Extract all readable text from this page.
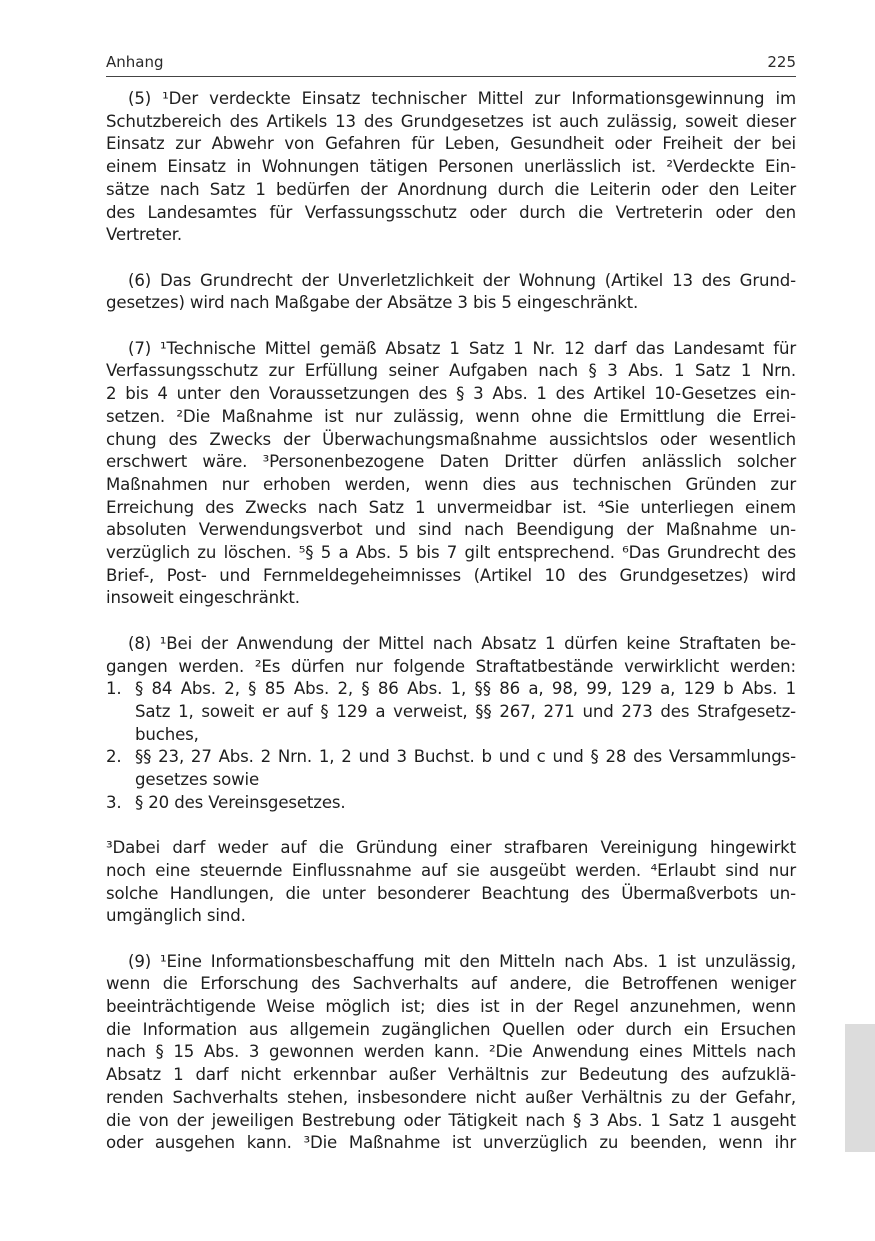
Anhang	225
(5) ¹Der verdeckte Einsatz technischer Mittel zur Informationsgewinnung im
Schutzbereich des Artikels 13 des Grundgesetzes ist auch zulässig, soweit dieser
Einsatz zur Abwehr von Gefahren für Leben, Gesundheit oder Freiheit der bei
einem Einsatz in Wohnungen tätigen Personen unerlässlich ist. ²Verdeckte Ein-
sätze nach Satz 1 bedürfen der Anordnung durch die Leiterin oder den Leiter
des Landesamtes für Verfassungsschutz oder durch die Vertreterin oder den
Vertreter.
(6) Das Grundrecht der Unverletzlichkeit der Wohnung (Artikel 13 des Grund-
gesetzes) wird nach Maßgabe der Absätze 3 bis 5 eingeschränkt.
(7) ¹Technische Mittel gemäß Absatz 1 Satz 1 Nr. 12 darf das Landesamt für
Verfassungsschutz zur Erfüllung seiner Aufgaben nach § 3 Abs. 1 Satz 1 Nrn.
2 bis 4 unter den Voraussetzungen des § 3 Abs. 1 des Artikel 10-Gesetzes ein-
setzen. ²Die Maßnahme ist nur zulässig, wenn ohne die Ermittlung die Errei-
chung des Zwecks der Überwachungsmaßnahme aussichtslos oder wesentlich
erschwert wäre. ³Personenbezogene Daten Dritter dürfen anlässlich solcher
Maßnahmen nur erhoben werden, wenn dies aus technischen Gründen zur
Erreichung des Zwecks nach Satz 1 unvermeidbar ist. ⁴Sie unterliegen einem
absoluten Verwendungsverbot und sind nach Beendigung der Maßnahme un-
verzüglich zu löschen. ⁵§ 5 a Abs. 5 bis 7 gilt entsprechend. ⁶Das Grundrecht des
Brief-, Post- und Fernmeldegeheimnisses (Artikel 10 des Grundgesetzes) wird
insoweit eingeschränkt.
(8) ¹Bei der Anwendung der Mittel nach Absatz 1 dürfen keine Straftaten be-
gangen werden. ²Es dürfen nur folgende Straftatbestände verwirklicht werden:
1. § 84 Abs. 2, § 85 Abs. 2, § 86 Abs. 1, §§ 86 a, 98, 99, 129 a, 129 b Abs. 1
Satz 1, soweit er auf § 129 a verweist, §§ 267, 271 und 273 des Strafgesetz-
buches,
2. §§ 23, 27 Abs. 2 Nrn. 1, 2 und 3 Buchst. b und c und § 28 des Versammlungs-
gesetzes sowie
3. § 20 des Vereinsgesetzes.
³Dabei darf weder auf die Gründung einer strafbaren Vereinigung hingewirkt
noch eine steuernde Einflussnahme auf sie ausgeübt werden. ⁴Erlaubt sind nur
solche Handlungen, die unter besonderer Beachtung des Übermaßverbots un-
umgänglich sind.
(9) ¹Eine Informationsbeschaffung mit den Mitteln nach Abs. 1 ist unzulässig,
wenn die Erforschung des Sachverhalts auf andere, die Betroffenen weniger
beeinträchtigende Weise möglich ist; dies ist in der Regel anzunehmen, wenn
die Information aus allgemein zugänglichen Quellen oder durch ein Ersuchen
nach § 15 Abs. 3 gewonnen werden kann. ²Die Anwendung eines Mittels nach
Absatz 1 darf nicht erkennbar außer Verhältnis zur Bedeutung des aufzuklä-
renden Sachverhalts stehen, insbesondere nicht außer Verhältnis zu der Gefahr,
die von der jeweiligen Bestrebung oder Tätigkeit nach § 3 Abs. 1 Satz 1 ausgeht
oder ausgehen kann. ³Die Maßnahme ist unverzüglich zu beenden, wenn ihr
